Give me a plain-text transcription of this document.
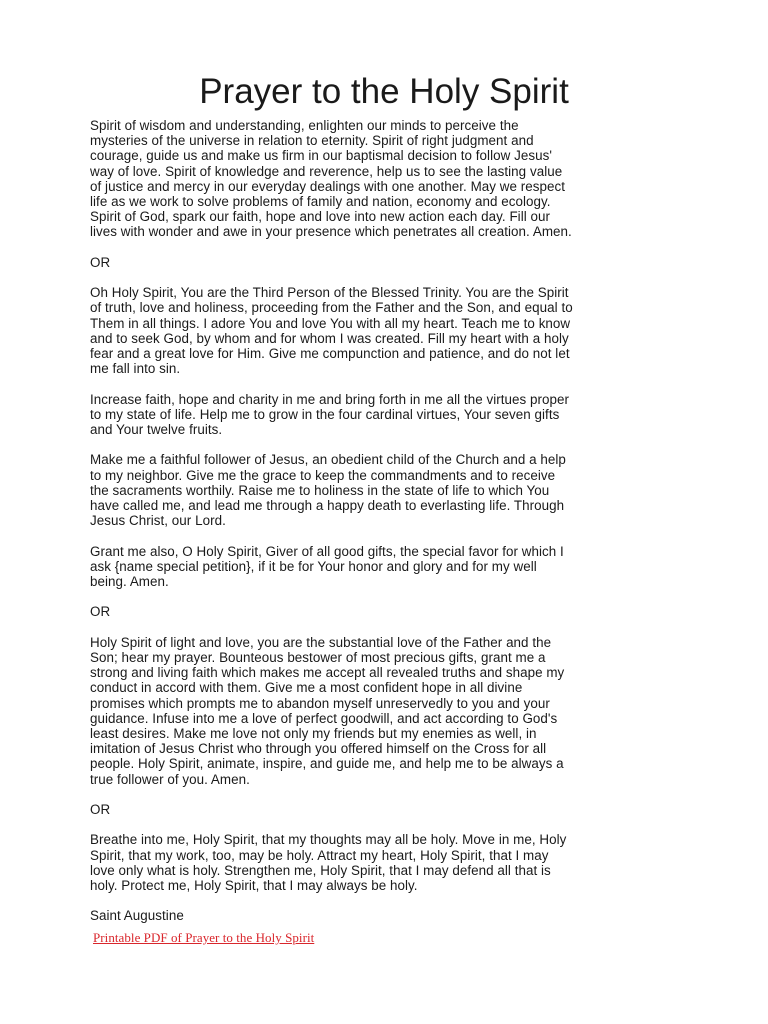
Prayer to the Holy Spirit

Spirit of wisdom and understanding, enlighten our minds to perceive the
mysteries of the universe in relation to eternity. Spirit of right judgment and
courage, guide us and make us firm in our baptismal decision to follow Jesus'
way of love. Spirit of knowledge and reverence, help us to see the lasting value
of justice and mercy in our everyday dealings with one another. May we respect
life as we work to solve problems of family and nation, economy and ecology.
Spirit of God, spark our faith, hope and love into new action each day. Fill our
lives with wonder and awe in your presence which penetrates all creation. Amen.

OR

Oh Holy Spirit, You are the Third Person of the Blessed Trinity. You are the Spirit
of truth, love and holiness, proceeding from the Father and the Son, and equal to
Them in all things. I adore You and love You with all my heart. Teach me to know
and to seek God, by whom and for whom I was created. Fill my heart with a holy
fear and a great love for Him. Give me compunction and patience, and do not let
me fall into sin.

Increase faith, hope and charity in me and bring forth in me all the virtues proper
to my state of life. Help me to grow in the four cardinal virtues, Your seven gifts
and Your twelve fruits.

Make me a faithful follower of Jesus, an obedient child of the Church and a help
to my neighbor. Give me the grace to keep the commandments and to receive
the sacraments worthily. Raise me to holiness in the state of life to which You
have called me, and lead me through a happy death to everlasting life. Through
Jesus Christ, our Lord.

Grant me also, O Holy Spirit, Giver of all good gifts, the special favor for which I
ask {name special petition}, if it be for Your honor and glory and for my well
being. Amen.

OR

Holy Spirit of light and love, you are the substantial love of the Father and the
Son; hear my prayer. Bounteous bestower of most precious gifts, grant me a
strong and living faith which makes me accept all revealed truths and shape my
conduct in accord with them. Give me a most confident hope in all divine
promises which prompts me to abandon myself unreservedly to you and your
guidance. Infuse into me a love of perfect goodwill, and act according to God's
least desires. Make me love not only my friends but my enemies as well, in
imitation of Jesus Christ who through you offered himself on the Cross for all
people. Holy Spirit, animate, inspire, and guide me, and help me to be always a
true follower of you. Amen.

OR

Breathe into me, Holy Spirit, that my thoughts may all be holy. Move in me, Holy
Spirit, that my work, too, may be holy. Attract my heart, Holy Spirit, that I may
love only what is holy. Strengthen me, Holy Spirit, that I may defend all that is
holy. Protect me, Holy Spirit, that I may always be holy.

Saint Augustine

Printable PDF of Prayer to the Holy Spirit
